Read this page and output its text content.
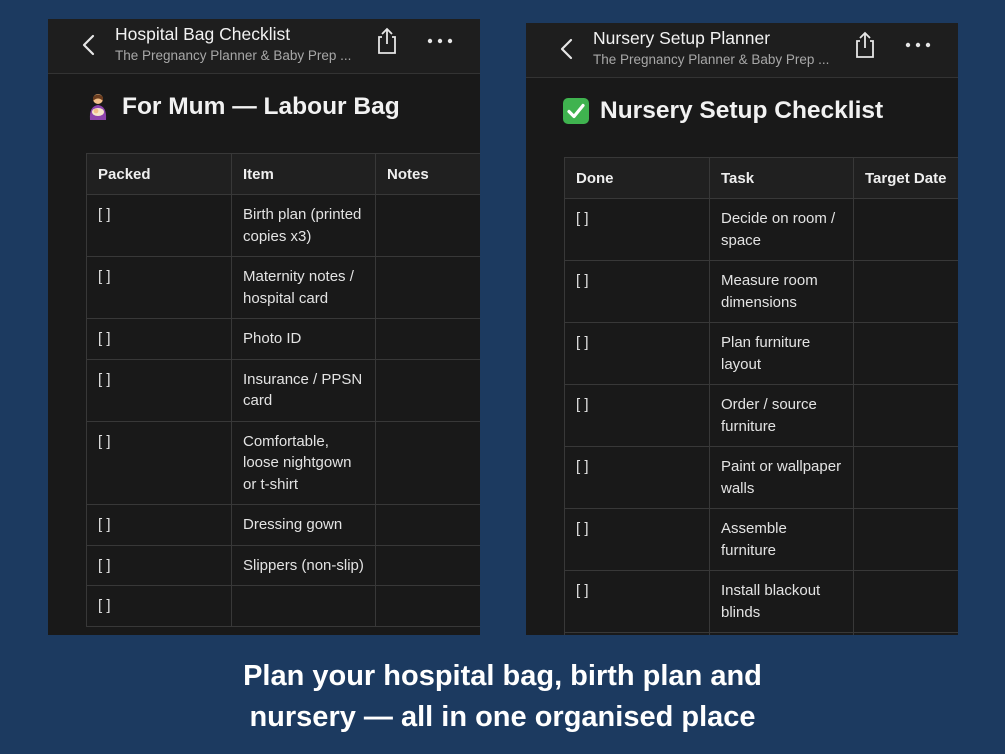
Hospital Bag Checklist
The Pregnancy Planner & Baby Prep ...
For Mum — Labour Bag
Packed	Item	Notes
[ ]	Birth plan (printed copies x3)	
[ ]	Maternity notes / hospital card	
[ ]	Photo ID	
[ ]	Insurance / PPSN card	
[ ]	Comfortable, loose nightgown or t-shirt	
[ ]	Dressing gown	
[ ]	Slippers (non-slip)	
[ ]		
Nursery Setup Planner
The Pregnancy Planner & Baby Prep ...
Nursery Setup Checklist
Done	Task	Target Date
[ ]	Decide on room / space	
[ ]	Measure room dimensions	
[ ]	Plan furniture layout	
[ ]	Order / source furniture	
[ ]	Paint or wallpaper walls	
[ ]	Assemble furniture	
[ ]	Install blackout blinds	

Plan your hospital bag, birth plan and
nursery — all in one organised place
